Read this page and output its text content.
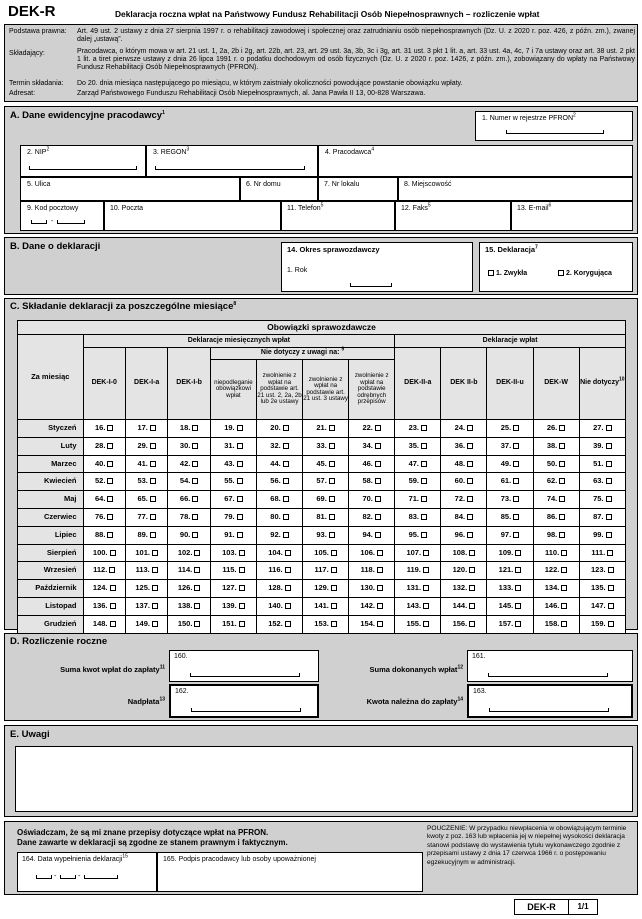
DEK-R	Deklaracja roczna wpłat na Państwowy Fundusz Rehabilitacji Osób Niepełnosprawnych – rozliczenie wpłat
Podstawa prawna:	Art. 49 ust. 2 ustawy z dnia 27 sierpnia 1997 r. o rehabilitacji zawodowej i społecznej oraz zatrudnianiu osób niepełnosprawnych (Dz. U. z 2020 r. poz. 426, z późn. zm.), zwanej dalej „ustawą”.
Składający:	Pracodawca, o którym mowa w art. 21 ust. 1, 2a, 2b i 2g, art. 22b, art. 23, art. 29 ust. 3a, 3b, 3c i 3g, art. 31 ust. 3 pkt 1 lit. a, art. 33 ust. 4a, 4c, 7 i 7a ustawy oraz art. 38 ust. 2 pkt 1 lit. a tiret pierwsze ustawy z dnia 26 lipca 1991 r. o podatku dochodowym od osób fizycznych (Dz. U. z 2020 r. poz. 1426, z późn. zm.), zobowiązany do wpłaty na Państwowy Fundusz Rehabilitacji Osób Niepełnosprawnych (PFRON).
Termin składania:	Do 20. dnia miesiąca następującego po miesiącu, w którym zaistniały okoliczności powodujące powstanie obowiązku wpłaty.
Adresat:	Zarząd Państwowego Funduszu Rehabilitacji Osób Niepełnosprawnych, al. Jana Pawła II 13, 00-828 Warszawa.
A. Dane ewidencyjne pracodawcy$^1$
1. Numer w rejestrze PFRON$^2$
2. NIP$^2$	3. REGON$^3$	4. Pracodawca$^4$
5. Ulica	6. Nr domu	7. Nr lokalu	8. Miejscowość
9. Kod pocztowy
-
10. Poczta	11. Telefon$^5$	12. Faks$^5$	13. E-mail$^6$
B. Dane o deklaracji	14. Okres sprawozdawczy
1. Rok
15. Deklaracja$^7$
1. Zwykła	2. Korygująca
C. Składanie deklaracji za poszczególne miesiące$^8$
Obowiązki sprawozdawcze												
Za miesiąc	Deklaracje miesięcznych wpłat							Deklaracje wpłat				
	DEK-I-0	DEK-I-a	DEK-I-b	Nie dotyczy z uwagi na: $^9$				DEK-II-a	DEK II-b	DEK-II-u	DEK-W	Nie dotyczy$^{10}$
				niepodleganie obowiązkowi wpłat	zwolnienie z wpłat na podstawie art. 21 ust. 2, 2a, 2b lub 2e ustawy	zwolnienie z wpłat na podstawie art. 21 ust. 3 ustawy	zwolnienie z wpłat na podstawie odrębnych przepisów					
Styczeń	16.	17.	18.	19.	20.	21.	22.	23.	24.	25.	26.	27.
Luty	28.	29.	30.	31.	32.	33.	34.	35.	36.	37.	38.	39.
Marzec	40.	41.	42.	43.	44.	45.	46.	47.	48.	49.	50.	51.
Kwiecień	52.	53.	54.	55.	56.	57.	58.	59.	60.	61.	62.	63.
Maj	64.	65.	66.	67.	68.	69.	70.	71.	72.	73.	74.	75.
Czerwiec	76.	77.	78.	79.	80.	81.	82.	83.	84.	85.	86.	87.
Lipiec	88.	89.	90.	91.	92.	93.	94.	95.	96.	97.	98.	99.
Sierpień	100.	101.	102.	103.	104.	105.	106.	107.	108.	109.	110.	111.
Wrzesień	112.	113.	114.	115.	116.	117.	118.	119.	120.	121.	122.	123.
Październik	124.	125.	126.	127.	128.	129.	130.	131.	132.	133.	134.	135.
Listopad	136.	137.	138.	139.	140.	141.	142.	143.	144.	145.	146.	147.
Grudzień	148.	149.	150.	151.	152.	153.	154.	155.	156.	157.	158.	159.
D. Rozliczenie roczne
Suma kwot wpłat do zapłaty$^{11}$
160.
Suma dokonanych wpłat$^{12}$
161.
Nadpłata$^{13}$
162.
Kwota należna do zapłaty$^{14}$
163.
E. Uwagi
Oświadczam, że są mi znane przepisy dotyczące wpłat na PFRON.
Dane zawarte w deklaracji są zgodne ze stanem prawnym i faktycznym.
164. Data wypełnienia deklaracji$^{15}$
-	-
165. Podpis pracodawcy lub osoby upoważnionej
POUCZENIE: W przypadku niewpłacenia w obowiązującym terminie kwoty z poz. 163 lub wpłacenia jej w niepełnej wysokości deklaracja stanowi podstawę do wystawienia tytułu wykonawczego zgodnie z przepisami ustawy z dnia 17 czerwca 1966 r. o postępowaniu egzekucyjnym w administracji.
DEK-R	1/1
